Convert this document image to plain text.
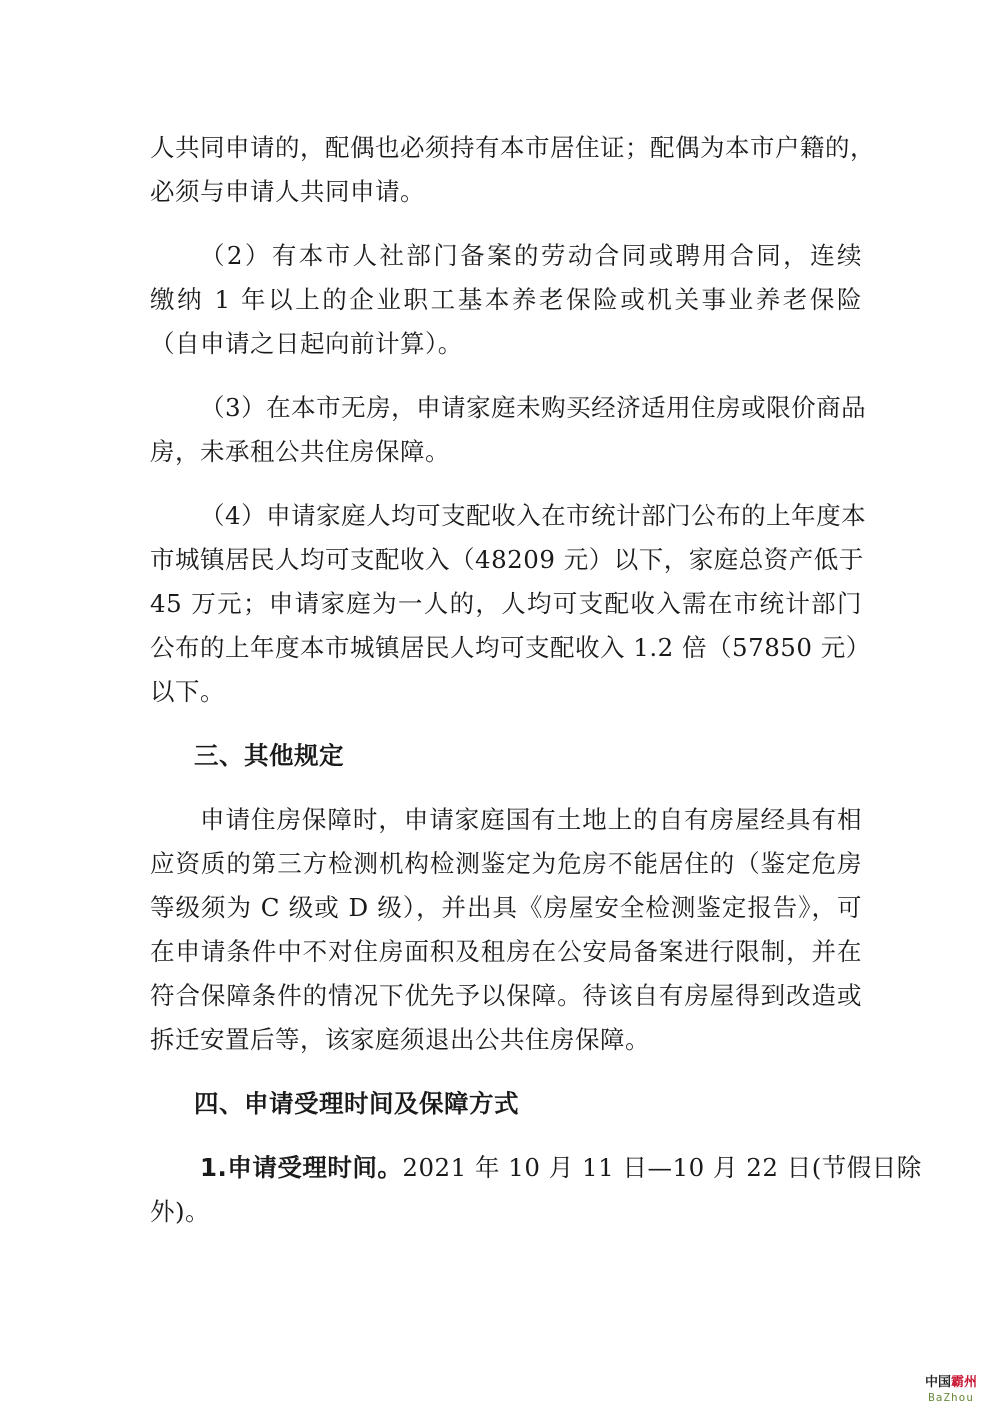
人共同申请的，配偶也必须持有本市居住证；配偶为本市户籍的，
必须与申请人共同申请。
（2）有本市人社部门备案的劳动合同或聘用合同，连续
缴纳 1 年以上的企业职工基本养老保险或机关事业养老保险
（自申请之日起向前计算）。
（3）在本市无房，申请家庭未购买经济适用住房或限价商品
房，未承租公共住房保障。
（4）申请家庭人均可支配收入在市统计部门公布的上年度本
市城镇居民人均可支配收入（48209 元）以下，家庭总资产低于
45 万元；申请家庭为一人的，人均可支配收入需在市统计部门
公布的上年度本市城镇居民人均可支配收入 1.2 倍（57850 元）
以下。
三、其他规定
申请住房保障时，申请家庭国有土地上的自有房屋经具有相
应资质的第三方检测机构检测鉴定为危房不能居住的（鉴定危房
等级须为 C 级或 D 级），并出具《房屋安全检测鉴定报告》，可
在申请条件中不对住房面积及租房在公安局备案进行限制，并在
符合保障条件的情况下优先予以保障。待该自有房屋得到改造或
拆迁安置后等，该家庭须退出公共住房保障。
四、申请受理时间及保障方式
1.申请受理时间。2021 年 10 月 11 日—10 月 22 日(节假日除
外)。
中国霸州
BaZhou
